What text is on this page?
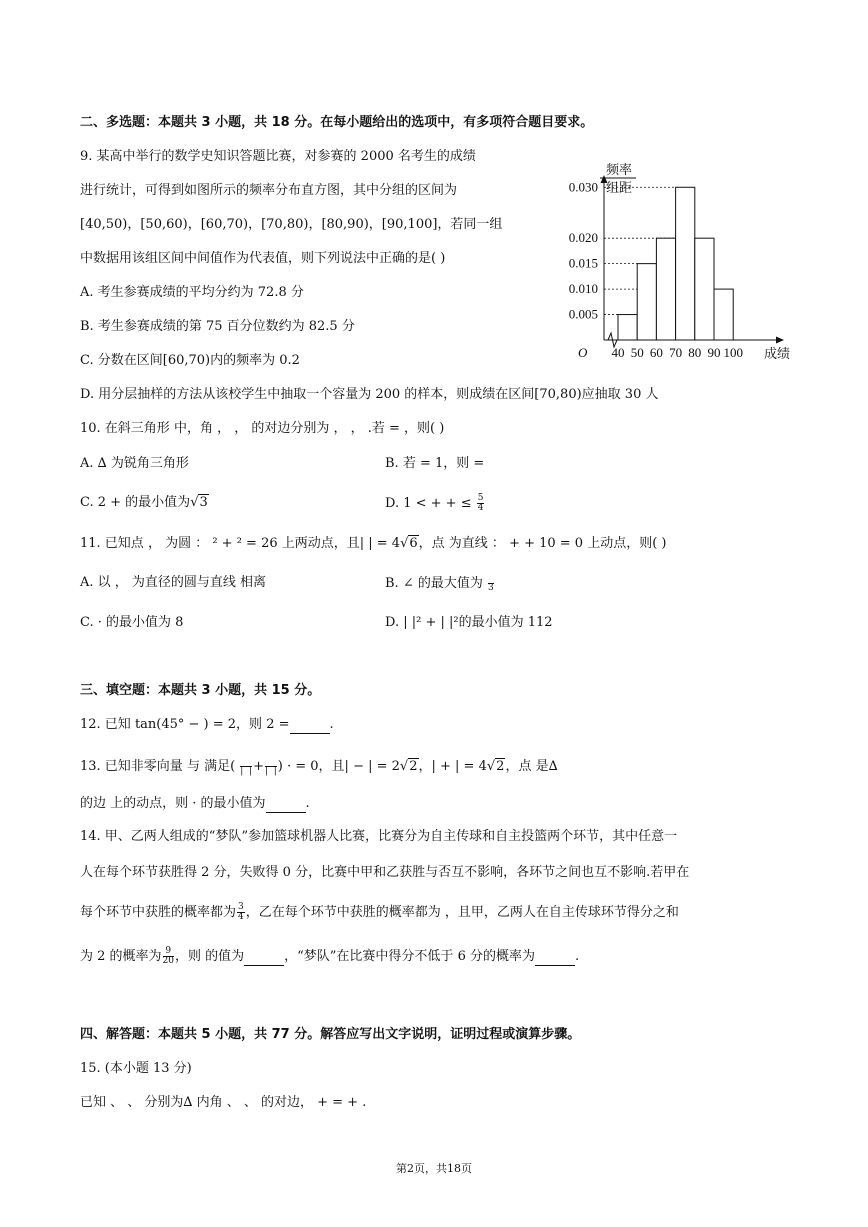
二、多选题：本题共 3 小题，共 18 分。在每小题给出的选项中，有多项符合题目要求。
9. 某高中举行的数学史知识答题比赛，对参赛的 2000 名考生的成绩
进行统计，可得到如图所示的频率分布直方图，其中分组的区间为
[40,50)，[50,60)，[60,70)，[70,80)，[80,90)，[90,100]，若同一组
中数据用该组区间中间值作为代表值，则下列说法中正确的是( )
A. 考生参赛成绩的平均分约为 72.8 分
B. 考生参赛成绩的第 75 百分位数约为 82.5 分
C. 分数在区间[60,70)内的频率为 0.2
D. 用分层抽样的方法从该校学生中抽取一个容量为 200 的样本，则成绩在区间[70,80)应抽取 30 人
频率
组距
O
0.005
0.010
0.015
0.020
0.030
40 50 60 70 80 90 100 成绩
10. 在斜三角形 中，角 ， ， 的对边分别为 ， ， .若 = ，则( )
A. ∆ 为锐角三角形	B. 若 = 1，则 =
C. 2 + 的最小值为√3	D. 1 < + + ≤ $\frac{5}{4}$
11. 已知点 ， 为圆 ： ² + ² = 26 上两动点，且| | = 4√6，点 为直线 ： + + 10 = 0 上动点，则( )
A. 以 ， 为直径的圆与直线 相离	B. ∠ 的最大值为
3
C. · 的最小值为 8	D. | |² + | |²的最小值为 112
三、填空题：本题共 3 小题，共 15 分。
12. 已知 tan(45° − ) = 2，则 2 =	.
13. 已知非零向量 与 满足(
|  | +
|  | ) · = 0，且| − | = 2√2，| + | = 4√2，点 是∆
的边 上的动点，则 · 的最小值为	.
14. 甲、乙两人组成的“梦队”参加篮球机器人比赛，比赛分为自主传球和自主投篮两个环节，其中任意一
人在每个环节获胜得 2 分，失败得 0 分，比赛中甲和乙获胜与否互不影响，各环节之间也互不影响.若甲在
每个环节中获胜的概率都为 $\frac{3}{4}$ ，乙在每个环节中获胜的概率都为 ，且甲，乙两人在自主传球环节得分之和
为 2 的概率为 $\frac{9}{20}$ ，则 的值为	，“梦队”在比赛中得分不低于 6 分的概率为	.
四、解答题：本题共 5 小题，共 77 分。解答应写出文字说明，证明过程或演算步骤。
15. (本小题 13 分)
已知 、 、 分别为∆ 内角 、 、 的对边， + = + .
第2页，共18页
